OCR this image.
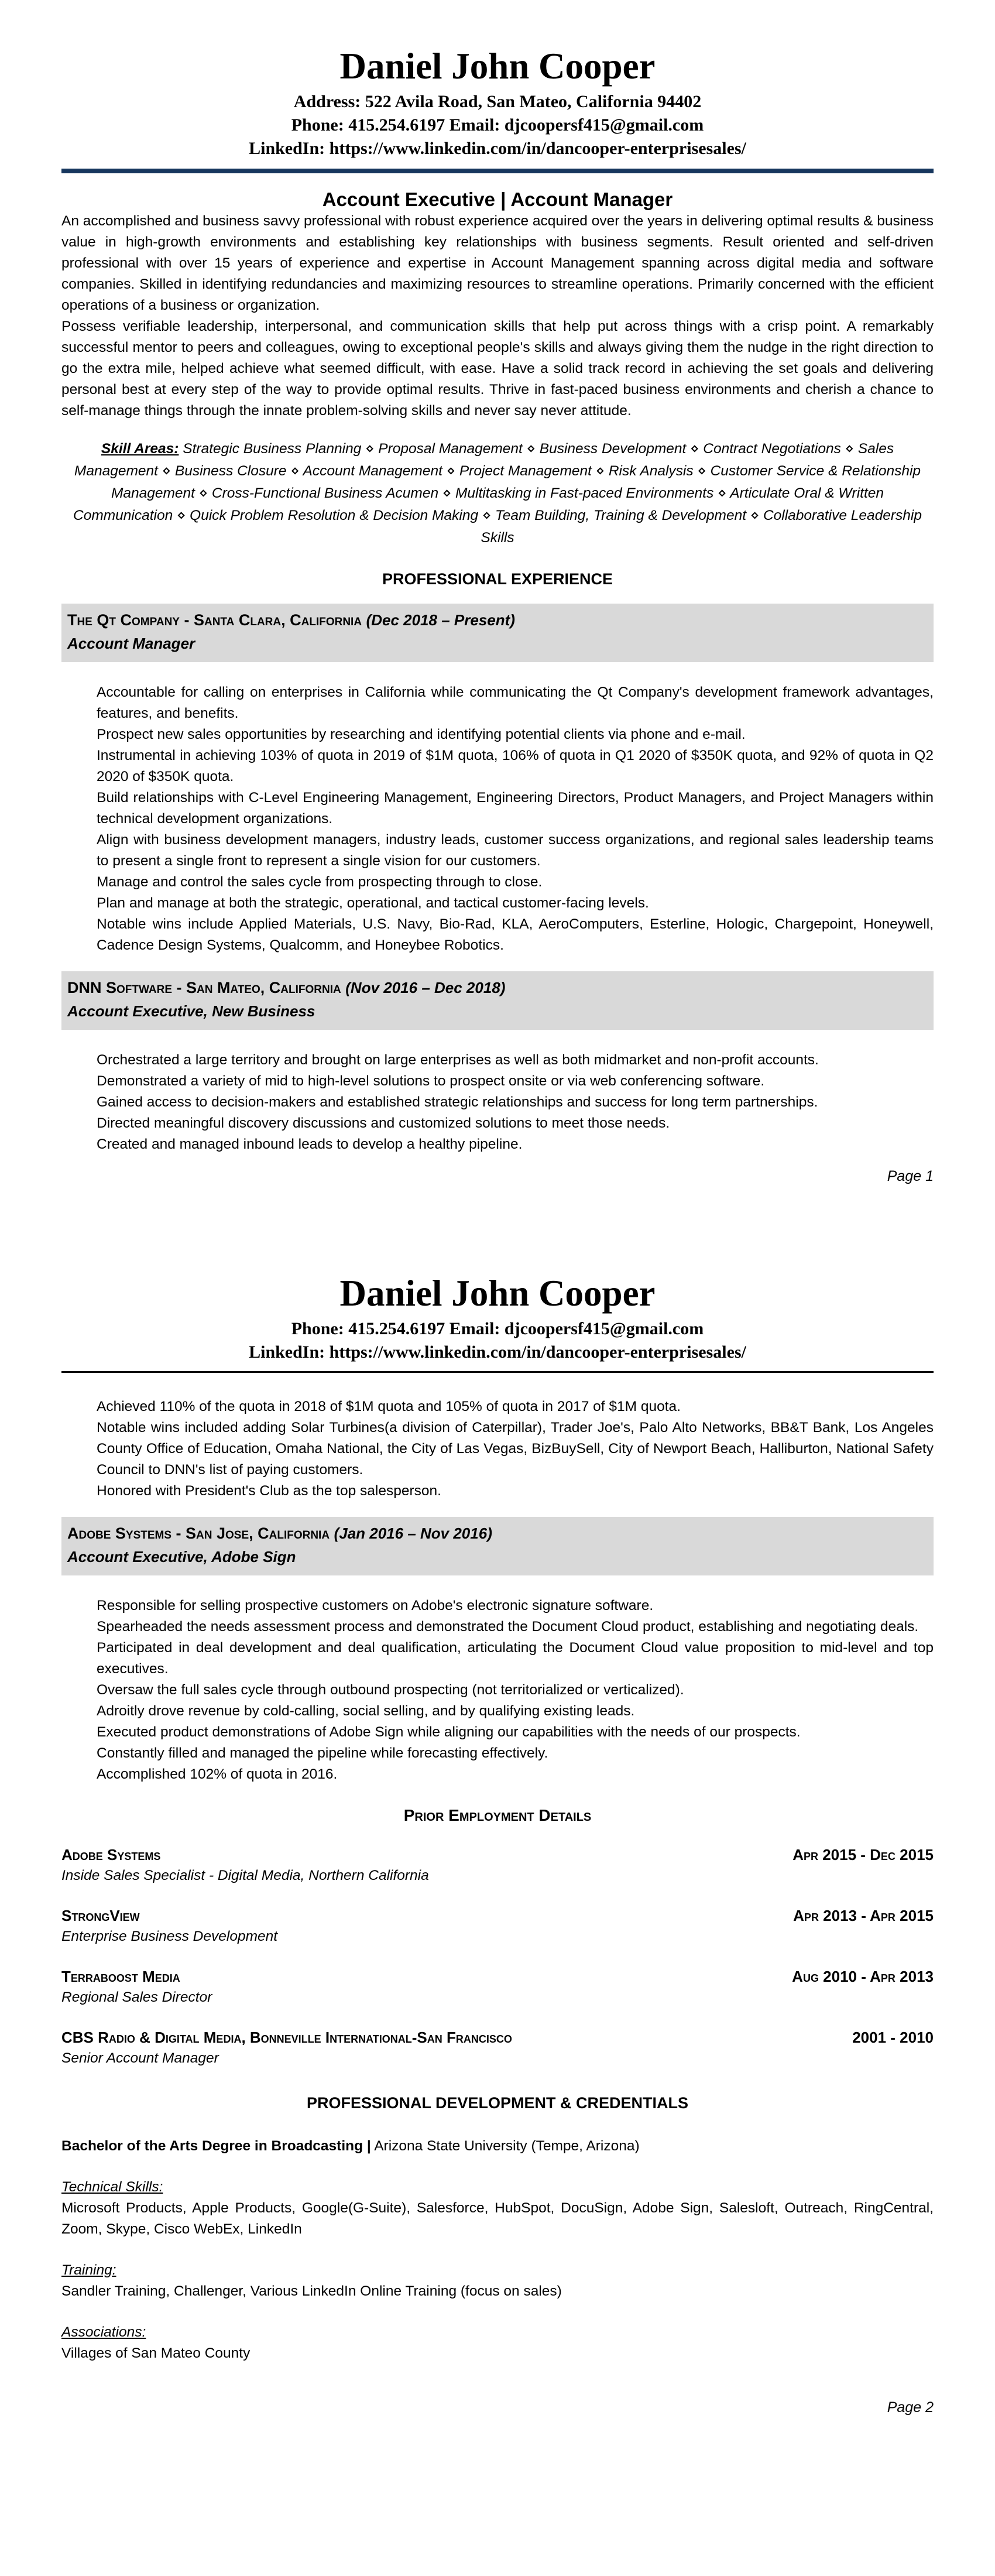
Daniel John Cooper
Address: 522 Avila Road, San Mateo, California 94402
Phone: 415.254.6197 Email: djcoopersf415@gmail.com
LinkedIn: https://www.linkedin.com/in/dancooper-enterprisesales/
Account Executive | Account Manager

An accomplished and business savvy professional with robust experience acquired over the years in delivering optimal results & business value in high-growth environments and establishing key relationships with business segments. Result oriented and self-driven professional with over 15 years of experience and expertise in Account Management spanning across digital media and software companies. Skilled in identifying redundancies and maximizing resources to streamline operations. Primarily concerned with the efficient operations of a business or organization.

Possess verifiable leadership, interpersonal, and communication skills that help put across things with a crisp point. A remarkably successful mentor to peers and colleagues, owing to exceptional people's skills and always giving them the nudge in the right direction to go the extra mile, helped achieve what seemed difficult, with ease. Have a solid track record in achieving the set goals and delivering personal best at every step of the way to provide optimal results. Thrive in fast-paced business environments and cherish a chance to self-manage things through the innate problem-solving skills and never say never attitude.

Skill Areas: Strategic Business Planning ⋄ Proposal Management ⋄ Business Development ⋄ Contract Negotiations ⋄ Sales Management ⋄ Business Closure ⋄ Account Management ⋄ Project Management ⋄ Risk Analysis ⋄ Customer Service & Relationship Management ⋄ Cross-Functional Business Acumen ⋄ Multitasking in Fast-paced Environments ⋄ Articulate Oral & Written Communication ⋄ Quick Problem Resolution & Decision Making ⋄ Team Building, Training & Development ⋄ Collaborative Leadership Skills
PROFESSIONAL EXPERIENCE
The Qt Company - Santa Clara, California (Dec 2018 – Present)
Account Manager

Accountable for calling on enterprises in California while communicating the Qt Company's development framework advantages, features, and benefits.

Prospect new sales opportunities by researching and identifying potential clients via phone and e-mail.

Instrumental in achieving 103% of quota in 2019 of $1M quota, 106% of quota in Q1 2020 of $350K quota, and 92% of quota in Q2 2020 of $350K quota.

Build relationships with C-Level Engineering Management, Engineering Directors, Product Managers, and Project Managers within technical development organizations.

Align with business development managers, industry leads, customer success organizations, and regional sales leadership teams to present a single front to represent a single vision for our customers.

Manage and control the sales cycle from prospecting through to close.

Plan and manage at both the strategic, operational, and tactical customer-facing levels.

Notable wins include Applied Materials, U.S. Navy, Bio-Rad, KLA, AeroComputers, Esterline, Hologic, Chargepoint, Honeywell, Cadence Design Systems, Qualcomm, and Honeybee Robotics.

DNN Software - San Mateo, California (Nov 2016 – Dec 2018)
Account Executive, New Business

Orchestrated a large territory and brought on large enterprises as well as both midmarket and non-profit accounts.

Demonstrated a variety of mid to high-level solutions to prospect onsite or via web conferencing software.

Gained access to decision-makers and established strategic relationships and success for long term partnerships.

Directed meaningful discovery discussions and customized solutions to meet those needs.

Created and managed inbound leads to develop a healthy pipeline.

Page 1
Daniel John Cooper
Phone: 415.254.6197 Email: djcoopersf415@gmail.com
LinkedIn: https://www.linkedin.com/in/dancooper-enterprisesales/

Achieved 110% of the quota in 2018 of $1M quota and 105% of quota in 2017 of $1M quota.

Notable wins included adding Solar Turbines(a division of Caterpillar), Trader Joe's, Palo Alto Networks, BB&T Bank, Los Angeles County Office of Education, Omaha National, the City of Las Vegas, BizBuySell, City of Newport Beach, Halliburton, National Safety Council to DNN's list of paying customers.

Honored with President's Club as the top salesperson.

Adobe Systems - San Jose, California (Jan 2016 – Nov 2016)
Account Executive, Adobe Sign

Responsible for selling prospective customers on Adobe's electronic signature software.

Spearheaded the needs assessment process and demonstrated the Document Cloud product, establishing and negotiating deals.

Participated in deal development and deal qualification, articulating the Document Cloud value proposition to mid-level and top executives.

Oversaw the full sales cycle through outbound prospecting (not territorialized or verticalized).

Adroitly drove revenue by cold-calling, social selling, and by qualifying existing leads.

Executed product demonstrations of Adobe Sign while aligning our capabilities with the needs of our prospects.

Constantly filled and managed the pipeline while forecasting effectively.

Accomplished 102% of quota in 2016.

Prior Employment Details
Adobe Systems	Apr 2015 - Dec 2015
Inside Sales Specialist - Digital Media, Northern California
StrongView	Apr 2013 - Apr 2015
Enterprise Business Development
Terraboost Media	Aug 2010 - Apr 2013
Regional Sales Director
CBS Radio & Digital Media, Bonneville International-San Francisco	2001 - 2010
Senior Account Manager
PROFESSIONAL DEVELOPMENT & CREDENTIALS
Bachelor of the Arts Degree in Broadcasting | Arizona State University (Tempe, Arizona)
Technical Skills:

Microsoft Products, Apple Products, Google(G-Suite), Salesforce, HubSpot, DocuSign, Adobe Sign, Salesloft, Outreach, RingCentral, Zoom, Skype, Cisco WebEx, LinkedIn

Training:

Sandler Training, Challenger, Various LinkedIn Online Training (focus on sales)

Associations:

Villages of San Mateo County

Page 2
